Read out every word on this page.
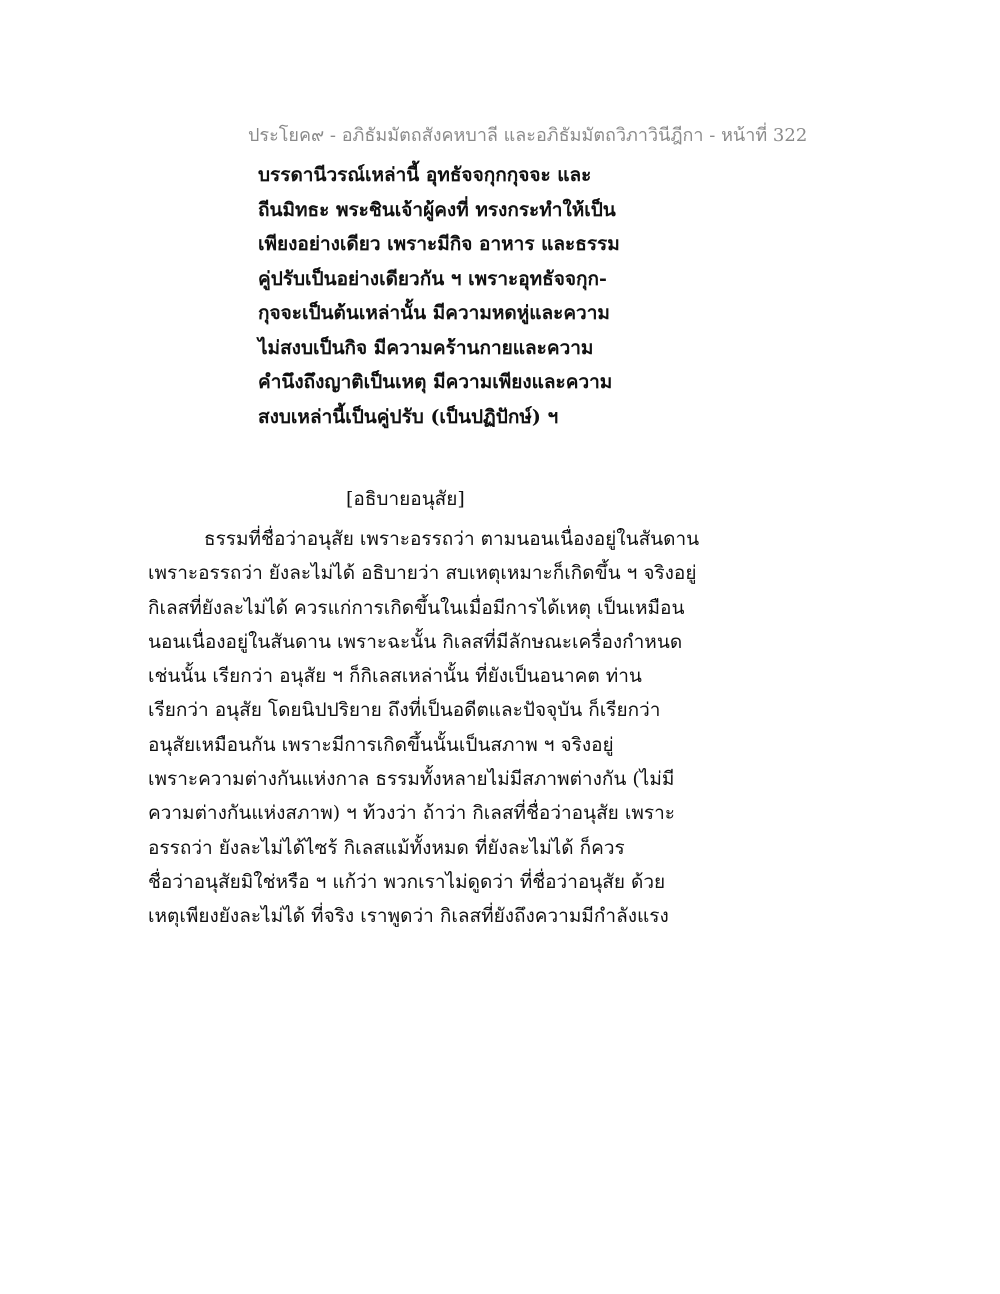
ประโยค๙ - อภิธัมมัตถสังคหบาลี และอภิธัมมัตถวิภาวินีฎีกา - หน้าที่ 322
บรรดานีวรณ์เหล่านี้ อุทธัจจกุกกุจจะ และ
ถีนมิทธะ พระชินเจ้าผู้คงที่ ทรงกระทำให้เป็น
เพียงอย่างเดียว เพราะมีกิจ อาหาร และธรรม
คู่ปรับเป็นอย่างเดียวกัน ฯ เพราะอุทธัจจกุก-
กุจจะเป็นต้นเหล่านั้น มีความหดหู่และความ
ไม่สงบเป็นกิจ มีความคร้านกายและความ
คำนึงถึงญาติเป็นเหตุ มีความเพียงและความ
สงบเหล่านี้เป็นคู่ปรับ (เป็นปฏิปักษ์) ฯ
[อธิบายอนุสัย]
ธรรมที่ชื่อว่าอนุสัย เพราะอรรถว่า ตามนอนเนื่องอยู่ในสันดาน
เพราะอรรถว่า ยังละไม่ได้ อธิบายว่า สบเหตุเหมาะก็เกิดขึ้น ฯ จริงอยู่
กิเลสที่ยังละไม่ได้ ควรแก่การเกิดขึ้นในเมื่อมีการได้เหตุ เป็นเหมือน
นอนเนื่องอยู่ในสันดาน เพราะฉะนั้น กิเลสที่มีลักษณะเครื่องกำหนด
เช่นนั้น เรียกว่า อนุสัย ฯ ก็กิเลสเหล่านั้น ที่ยังเป็นอนาคต ท่าน
เรียกว่า อนุสัย โดยนิปปริยาย ถึงที่เป็นอดีตและปัจจุบัน ก็เรียกว่า
อนุสัยเหมือนกัน เพราะมีการเกิดขึ้นนั้นเป็นสภาพ ฯ จริงอยู่
เพราะความต่างกันแห่งกาล ธรรมทั้งหลายไม่มีสภาพต่างกัน (ไม่มี
ความต่างกันแห่งสภาพ) ฯ ท้วงว่า ถ้าว่า กิเลสที่ชื่อว่าอนุสัย เพราะ
อรรถว่า ยังละไม่ได้ไซร้ กิเลสแม้ทั้งหมด ที่ยังละไม่ได้ ก็ควร
ชื่อว่าอนุสัยมิใช่หรือ ฯ แก้ว่า พวกเราไม่ดูดว่า ที่ชื่อว่าอนุสัย ด้วย
เหตุเพียงยังละไม่ได้ ที่จริง เราพูดว่า กิเลสที่ยังถึงความมีกำลังแรง
